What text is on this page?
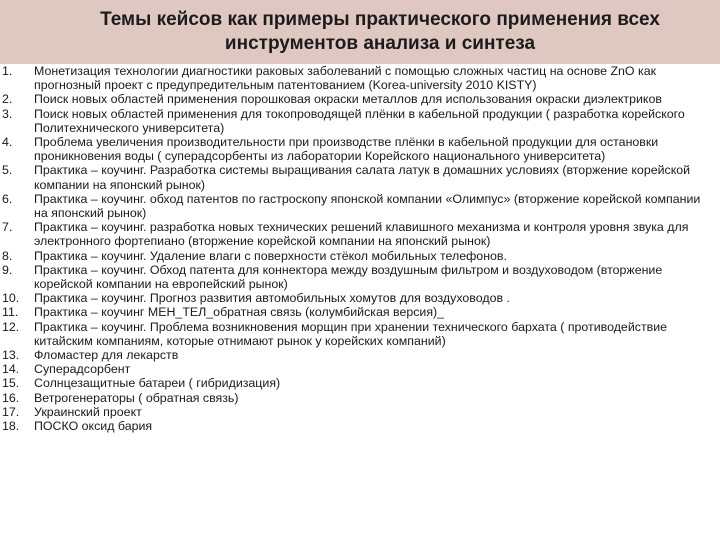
Темы кейсов как примеры практического применения всех
инструментов анализа и синтеза
1.	Монетизация технологии диагностики раковых заболеваний с помощью сложных частиц на основе ZnO как прогнозный проект с предупредительным патентованием (Korea-university 2010 KISTY)
2.	Поиск новых областей применения порошковая окраски металлов для использования окраски диэлектриков
3.	Поиск новых областей применения для токопроводящей плёнки в кабельной продукции ( разработка корейского Политехнического университета)
4.	Проблема увеличения производительности при производстве плёнки в кабельной продукции для остановки проникновения воды ( суперадсорбенты из лаборатории Корейского национального университета)
5.	Практика – коучинг. Разработка системы выращивания салата латук в домашних условиях (вторжение корейской компании на японский рынок)
6.	Практика – коучинг. обход патентов по гастроскопу японской компании «Олимпус» (вторжение корейской компании на японский рынок)
7.	Практика – коучинг. разработка новых технических решений клавишного механизма и контроля уровня звука для электронного фортепиано (вторжение корейской компании на японский рынок)
8.	Практика – коучинг. Удаление влаги с поверхности стёкол мобильных телефонов.
9.	Практика – коучинг. Обход патента для коннектора между воздушным фильтром и воздуховодом (вторжение корейской компании на европейский рынок)
10.	Практика – коучинг. Прогноз развития автомобильных хомутов для воздуховодов .
11.	Практика – коучинг МЕН_ТЕЛ_обратная связь (колумбийская версия)_
12.	Практика – коучинг. Проблема возникновения морщин при хранении технического бархата ( противодействие китайским компаниям, которые отнимают рынок у корейских компаний)
13.	Фломастер для лекарств
14.	Суперадсорбент
15.	Солнцезащитные батареи ( гибридизация)
16.	Ветрогенераторы ( обратная связь)
17.	Украинский проект
18.	ПОСКО оксид бария
